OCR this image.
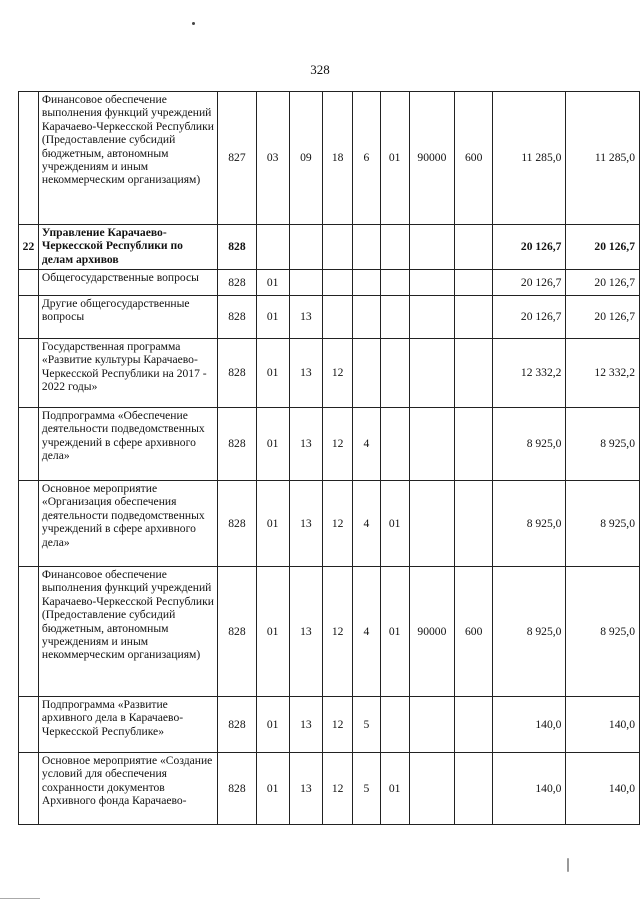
328
	Финансовое обеспечение выполнения функций учреждений Карачаево-Черкесской Республики (Предоставление субсидий бюджетным, автономным учреждениям и иным некоммерческим организациям)	827	03	09	18	6	01	90000	600	11 285,0	11 285,0
22	Управление Карачаево-Черкесской Республики по делам архивов	828								20 126,7	20 126,7
	Общегосударственные вопросы	828	01							20 126,7	20 126,7
	Другие общегосударственные вопросы	828	01	13						20 126,7	20 126,7
	Государственная программа «Развитие культуры Карачаево-Черкесской Республики на 2017 - 2022 годы»	828	01	13	12					12 332,2	12 332,2
	Подпрограмма «Обеспечение деятельности подведомственных учреждений в сфере архивного дела»	828	01	13	12	4				8 925,0	8 925,0
	Основное мероприятие «Организация обеспечения деятельности подведомственных учреждений в сфере архивного дела»	828	01	13	12	4	01			8 925,0	8 925,0
	Финансовое обеспечение выполнения функций учреждений Карачаево-Черкесской Республики (Предоставление субсидий бюджетным, автономным учреждениям и иным некоммерческим организациям)	828	01	13	12	4	01	90000	600	8 925,0	8 925,0
	Подпрограмма «Развитие архивного дела в Карачаево-Черкесской Республике»	828	01	13	12	5				140,0	140,0
	Основное мероприятие «Создание условий для обеспечения сохранности документов Архивного фонда Карачаево-	828	01	13	12	5	01			140,0	140,0
